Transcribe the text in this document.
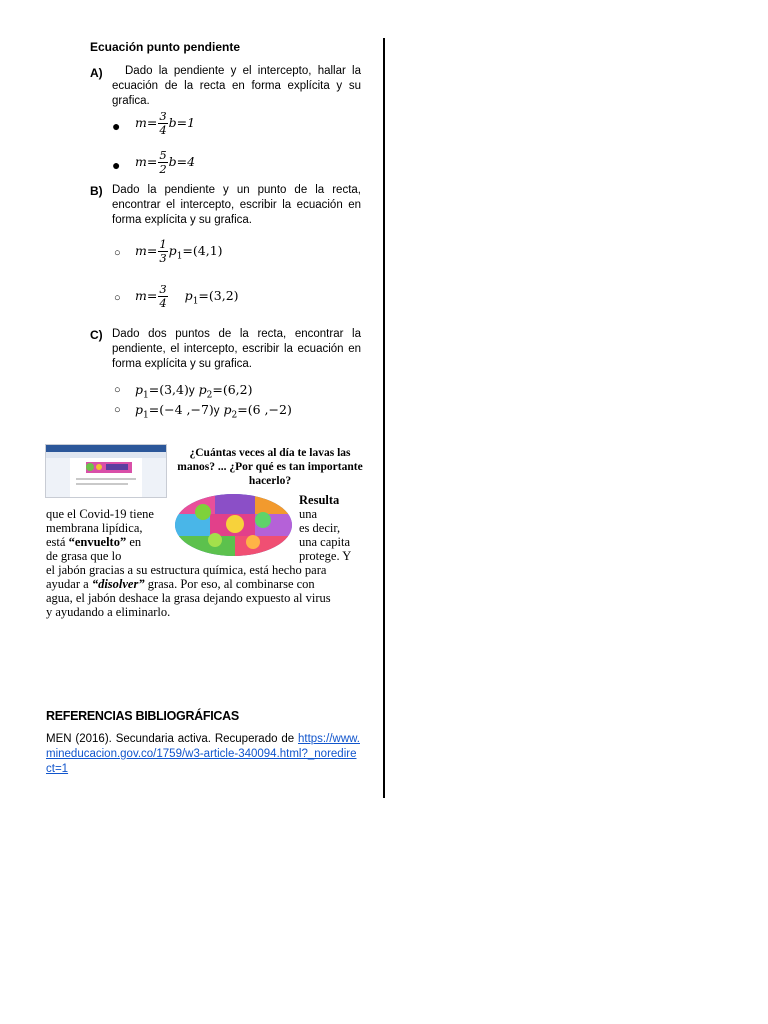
Ecuación punto pendiente
A)	Dado la pendiente y el intercepto, hallar la ecuación de la recta en forma explícita y su grafica.
● $m= \frac{3}{4} b=1$
● $m= \frac{5}{2} b=4$
B) Dado la pendiente y un punto de la recta, encontrar el intercepto, escribir la ecuación en forma explícita y su grafica.
○ $m= \frac{1}{3} p_1=(4,1)$
○ $m= \frac{3}{4} p_1=(3,2)$
C) Dado dos puntos de la recta, encontrar la pendiente, el intercepto, escribir la ecuación en forma explícita y su grafica.
○ $p_1=(3,4)y$ $p_2=(6,2)$
○ $p_1=(-4$ ,−7)y $p_2=(6$ ,−2)
¿Cuántas veces al día te lavas las manos? ... ¿Por qué es tan importante hacerlo?
Resulta
que el Covid-19 tiene
membrana lipídica,
está “envuelto” en
de grasa que lo
una
es decir,
una capita
protege. Y
el jabón gracias a su estructura química, está hecho para
ayudar a “disolver” grasa. Por eso, al combinarse con
agua, el jabón deshace la grasa dejando expuesto al virus
y ayudando a eliminarlo.
REFERENCIAS BIBLIOGRÁFICAS
MEN (2016). Secundaria activa. Recuperado de https://www.mineducacion.gov.co/1759/w3-article-340094.html?_noredirect=1
